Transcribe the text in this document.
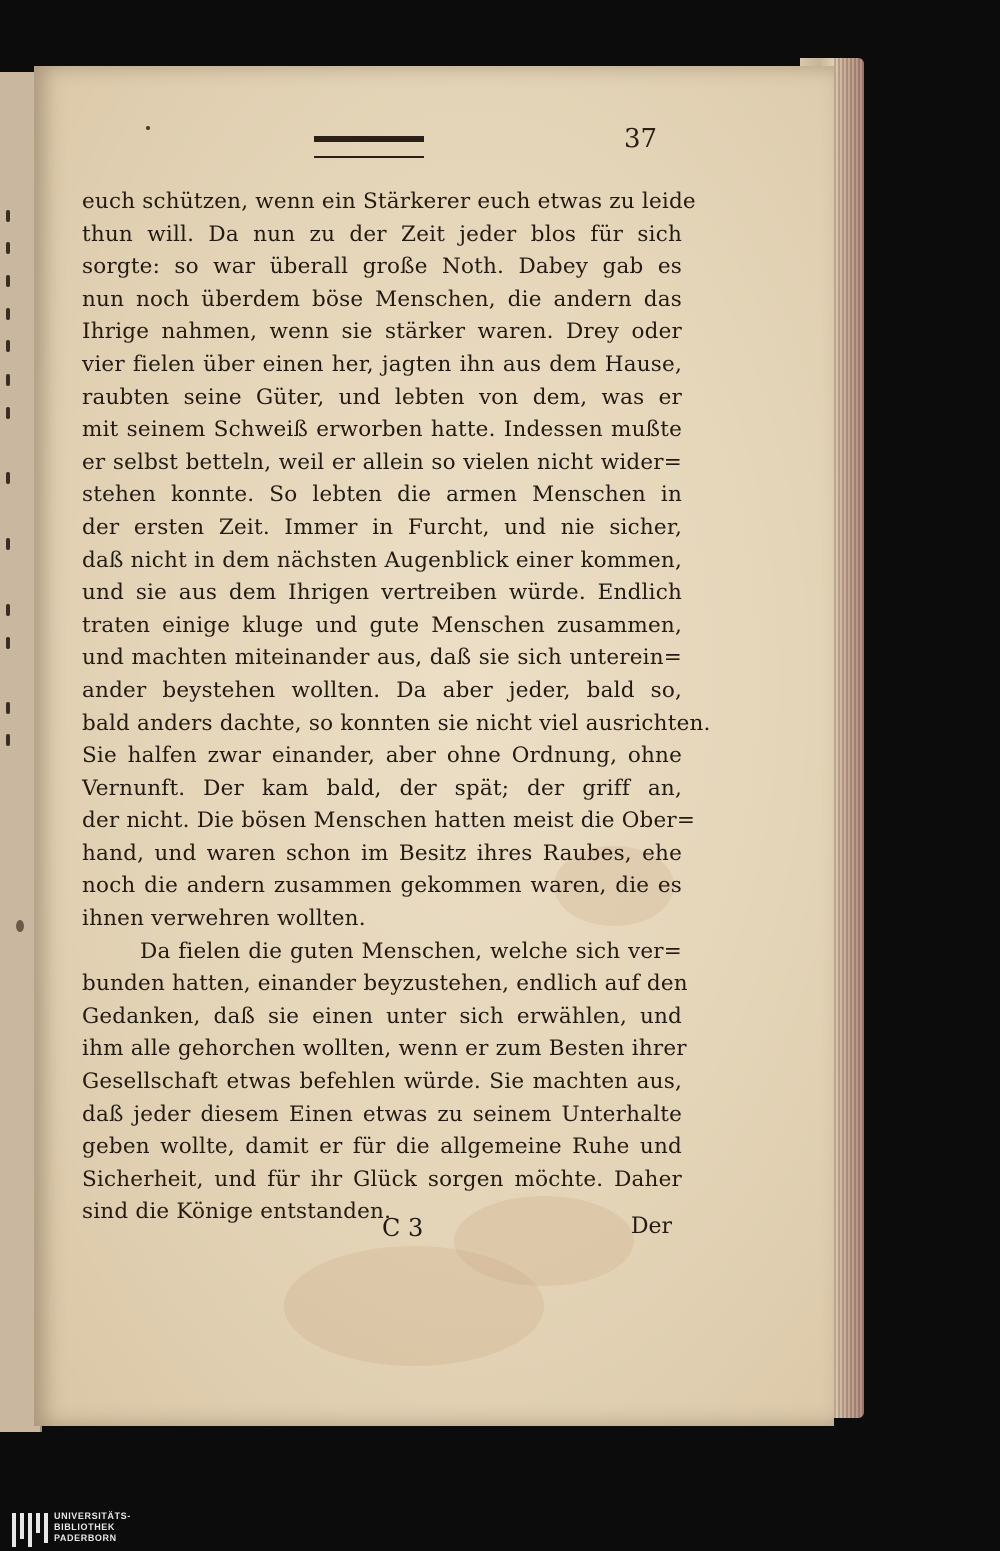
37
euch schützen, wenn ein Stärkerer euch etwas zu leide
thun will. Da nun zu der Zeit jeder blos für sich
sorgte: so war überall große Noth. Dabey gab es
nun noch überdem böse Menschen, die andern das
Ihrige nahmen, wenn sie stärker waren. Drey oder
vier fielen über einen her, jagten ihn aus dem Hause,
raubten seine Güter, und lebten von dem, was er
mit seinem Schweiß erworben hatte. Indessen mußte
er selbst betteln, weil er allein so vielen nicht wider=
stehen konnte. So lebten die armen Menschen in
der ersten Zeit. Immer in Furcht, und nie sicher,
daß nicht in dem nächsten Augenblick einer kommen,
und sie aus dem Ihrigen vertreiben würde. Endlich
traten einige kluge und gute Menschen zusammen,
und machten miteinander aus, daß sie sich unterein=
ander beystehen wollten. Da aber jeder, bald so,
bald anders dachte, so konnten sie nicht viel ausrichten.
Sie halfen zwar einander, aber ohne Ordnung, ohne
Vernunft. Der kam bald, der spät; der griff an,
der nicht. Die bösen Menschen hatten meist die Ober=
hand, und waren schon im Besitz ihres Raubes, ehe
noch die andern zusammen gekommen waren, die es
ihnen verwehren wollten.
Da fielen die guten Menschen, welche sich ver=
bunden hatten, einander beyzustehen, endlich auf den
Gedanken, daß sie einen unter sich erwählen, und
ihm alle gehorchen wollten, wenn er zum Besten ihrer
Gesellschaft etwas befehlen würde. Sie machten aus,
daß jeder diesem Einen etwas zu seinem Unterhalte
geben wollte, damit er für die allgemeine Ruhe und
Sicherheit, und für ihr Glück sorgen möchte. Daher
sind die Könige entstanden.
C 3	Der
UNIVERSITÄTS-
BIBLIOTHEK
PADERBORN
